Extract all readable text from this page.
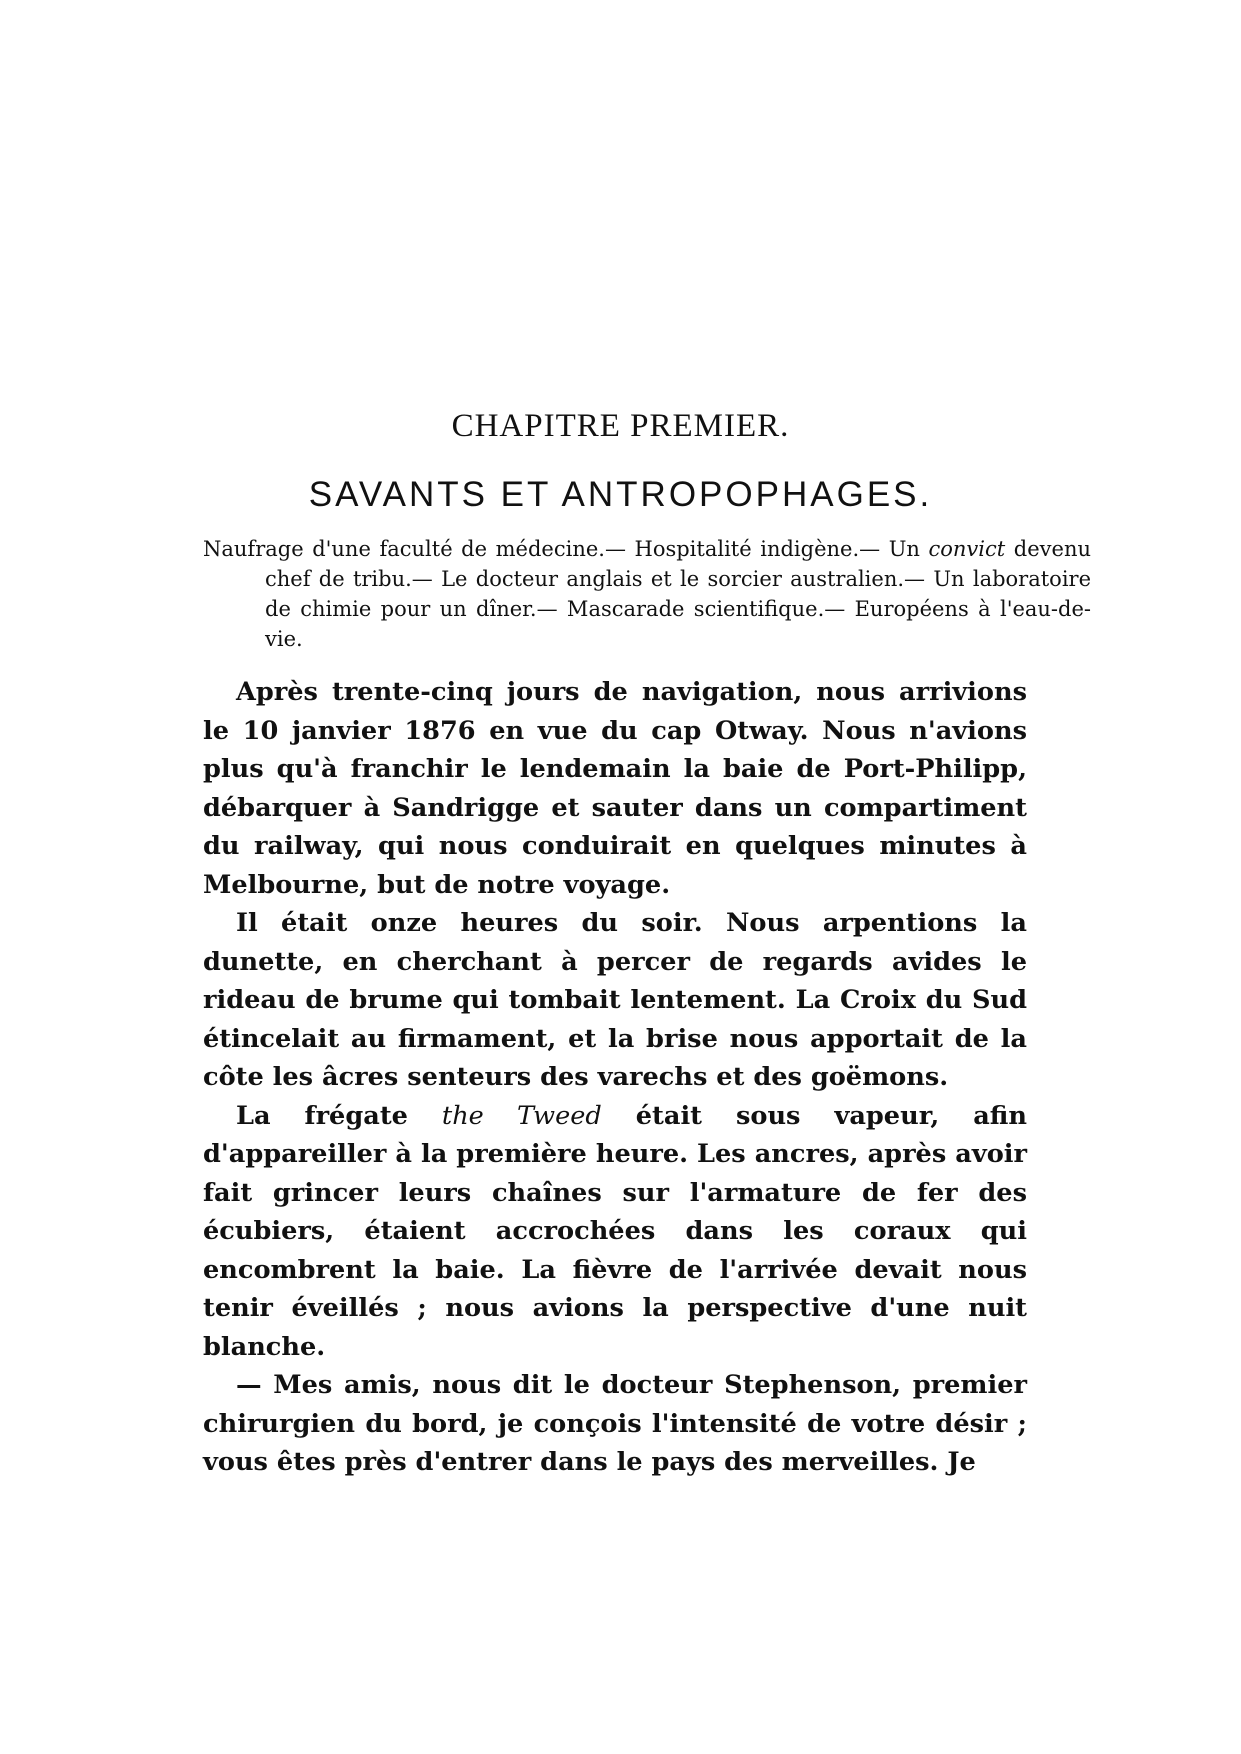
CHAPITRE PREMIER.
SAVANTS ET ANTROPOPHAGES.

Naufrage d'une faculté de médecine.— Hospitalité indigène.— Un convict devenu chef de tribu.— Le docteur anglais et le sorcier australien.— Un laboratoire de chimie pour un dîner.— Mascarade scientifique.— Européens à l'eau-de-vie.

Après trente-cinq jours de navigation, nous arrivions le 10 janvier 1876 en vue du cap Otway. Nous n'avions plus qu'à franchir le lendemain la baie de Port-Philipp, débarquer à Sandrigge et sauter dans un compartiment du railway, qui nous conduirait en quelques minutes à Melbourne, but de notre voyage.

Il était onze heures du soir. Nous arpentions la dunette, en cherchant à percer de regards avides le rideau de brume qui tombait lentement. La Croix du Sud étincelait au firmament, et la brise nous apportait de la côte les âcres senteurs des varechs et des goëmons.

La frégate the Tweed était sous vapeur, afin d'appareiller à la première heure. Les ancres, après avoir fait grincer leurs chaînes sur l'armature de fer des écubiers, étaient accrochées dans les coraux qui encombrent la baie. La fièvre de l'arrivée devait nous tenir éveillés ; nous avions la perspective d'une nuit blanche.

— Mes amis, nous dit le docteur Stephenson, premier chirurgien du bord, je conçois l'intensité de votre désir ; vous êtes près d'entrer dans le pays des merveilles. Je
